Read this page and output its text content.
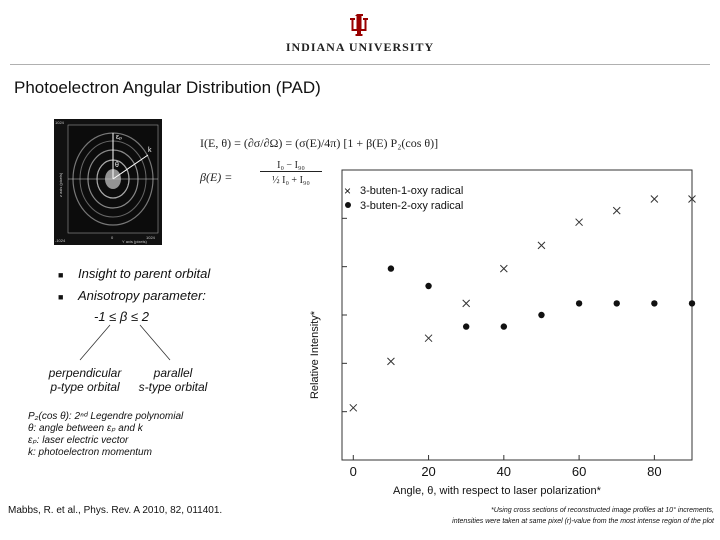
INDIANA UNIVERSITY
Photoelectron Angular Distribution (PAD)
εₚ
k
θ
1024
-1024
0	1024
Y axis (pixels)
z axis (pixels)
I(E, θ) = (∂σ/∂Ω) = (σ(E)/4π) [1 + β(E) P₂(cos θ)]
β(E) =
I₀ − I₉₀
½ I₀ + I₉₀
■ Insight to parent orbital
■ Anisotropy parameter:
-1 ≤ β ≤ 2
perpendicular
p-type orbital
parallel
s-type orbital
P₂(cos θ): 2ⁿᵈ Legendre polynomial
θ: angle between εₚ and k
εₚ: laser electric vector
k: photoelectron momentum
0	20	40	60	80
× 3-buten-1-oxy radical
3-buten-2-oxy radical
Relative Intensity*
Angle, θ, with respect to laser polarization*
Mabbs, R. et al., Phys. Rev. A 2010, 82, 011401.	*Using cross sections of reconstructed image profiles at 10° increments,
intensities were taken at same pixel (r)-value from the most intense region of the plot
